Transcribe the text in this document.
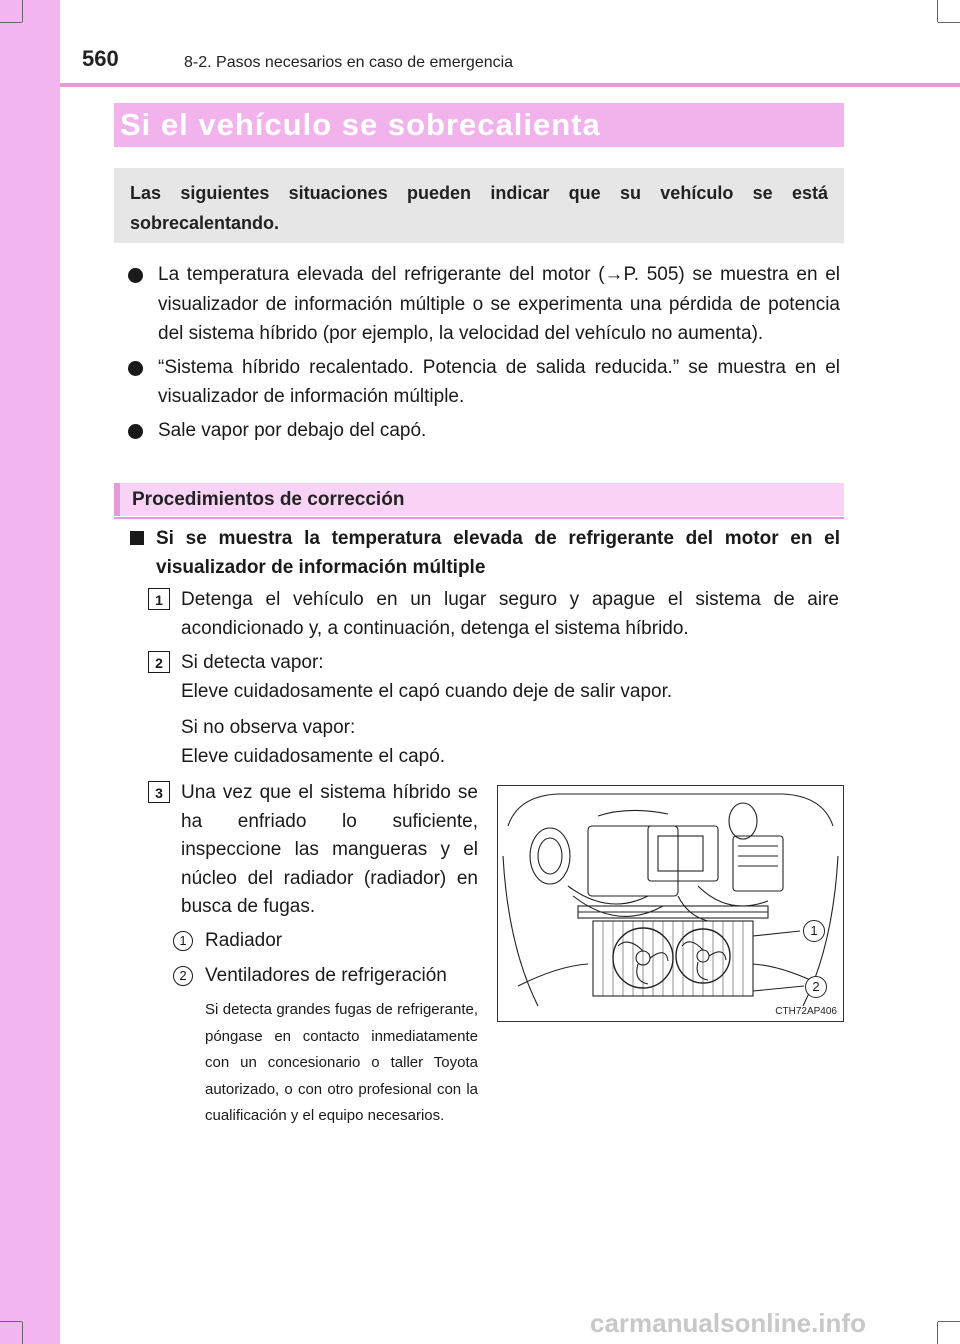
560	8-2. Pasos necesarios en caso de emergencia
Si el vehículo se sobrecalienta

Las siguientes situaciones pueden indicar que su vehículo se está sobrecalentando.

La temperatura elevada del refrigerante del motor (→P. 505) se muestra en el visualizador de información múltiple o se experimenta una pérdida de potencia del sistema híbrido (por ejemplo, la velocidad del vehículo no aumenta).
“Sistema híbrido recalentado. Potencia de salida reducida.” se muestra en el visualizador de información múltiple.
Sale vapor por debajo del capó.
Procedimientos de corrección
Si se muestra la temperatura elevada de refrigerante del motor en el visualizador de información múltiple
1 Detenga el vehículo en un lugar seguro y apague el sistema de aire acondicionado y, a continuación, detenga el sistema híbrido.
2 Si detecta vapor:
Eleve cuidadosamente el capó cuando deje de salir vapor.
Si no observa vapor:
Eleve cuidadosamente el capó.
3 Una vez que el sistema híbrido se ha enfriado lo suficiente, inspeccione las mangueras y el núcleo del radiador (radiador) en busca de fugas.
1 Radiador
2 Ventiladores de refrigeración
Si detecta grandes fugas de refrigerante, póngase en contacto inmediatamente con un concesionario o taller Toyota autorizado, o con otro profesional con la cualificación y el equipo necesarios.
1
2
CTH72AP406
carmanualsonline.info
